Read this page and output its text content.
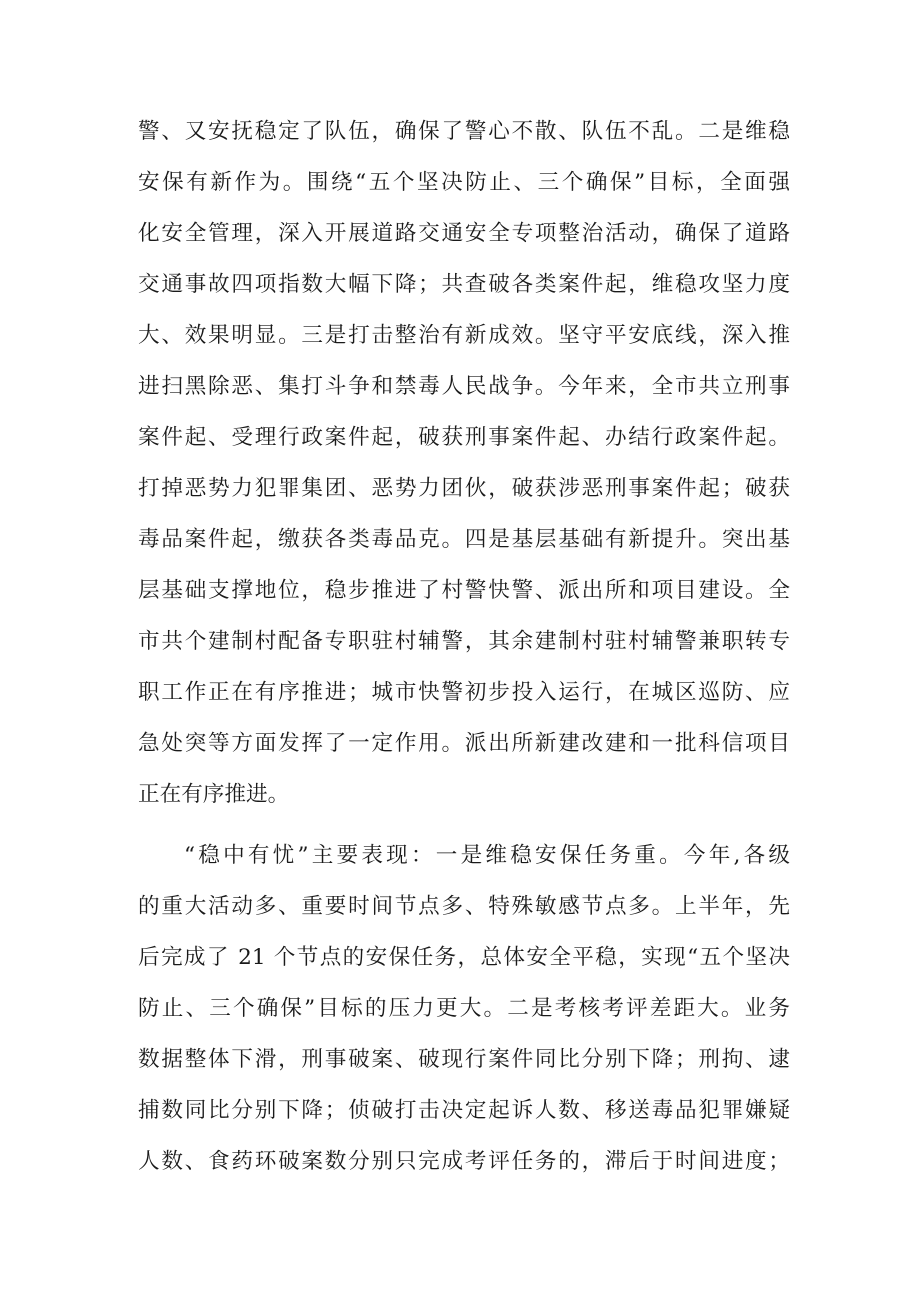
警、又安抚稳定了队伍，确保了警心不散、队伍不乱。二是维稳
安保有新作为。围绕“五个坚决防止、三个确保”目标，全面强
化安全管理，深入开展道路交通安全专项整治活动，确保了道路
交通事故四项指数大幅下降；共查破各类案件起，维稳攻坚力度
大、效果明显。三是打击整治有新成效。坚守平安底线，深入推
进扫黑除恶、集打斗争和禁毒人民战争。今年来，全市共立刑事
案件起、受理行政案件起，破获刑事案件起、办结行政案件起。
打掉恶势力犯罪集团、恶势力团伙，破获涉恶刑事案件起；破获
毒品案件起，缴获各类毒品克。四是基层基础有新提升。突出基
层基础支撑地位，稳步推进了村警快警、派出所和项目建设。全
市共个建制村配备专职驻村辅警，其余建制村驻村辅警兼职转专
职工作正在有序推进；城市快警初步投入运行，在城区巡防、应
急处突等方面发挥了一定作用。派出所新建改建和一批科信项目
正在有序推进。
“稳中有忧”主要表现：一是维稳安保任务重。今年,各级
的重大活动多、重要时间节点多、特殊敏感节点多。上半年，先
后完成了 21 个节点的安保任务，总体安全平稳，实现“五个坚决
防止、三个确保”目标的压力更大。二是考核考评差距大。业务
数据整体下滑，刑事破案、破现行案件同比分别下降；刑拘、逮
捕数同比分别下降；侦破打击决定起诉人数、移送毒品犯罪嫌疑
人数、食药环破案数分别只完成考评任务的，滞后于时间进度；
